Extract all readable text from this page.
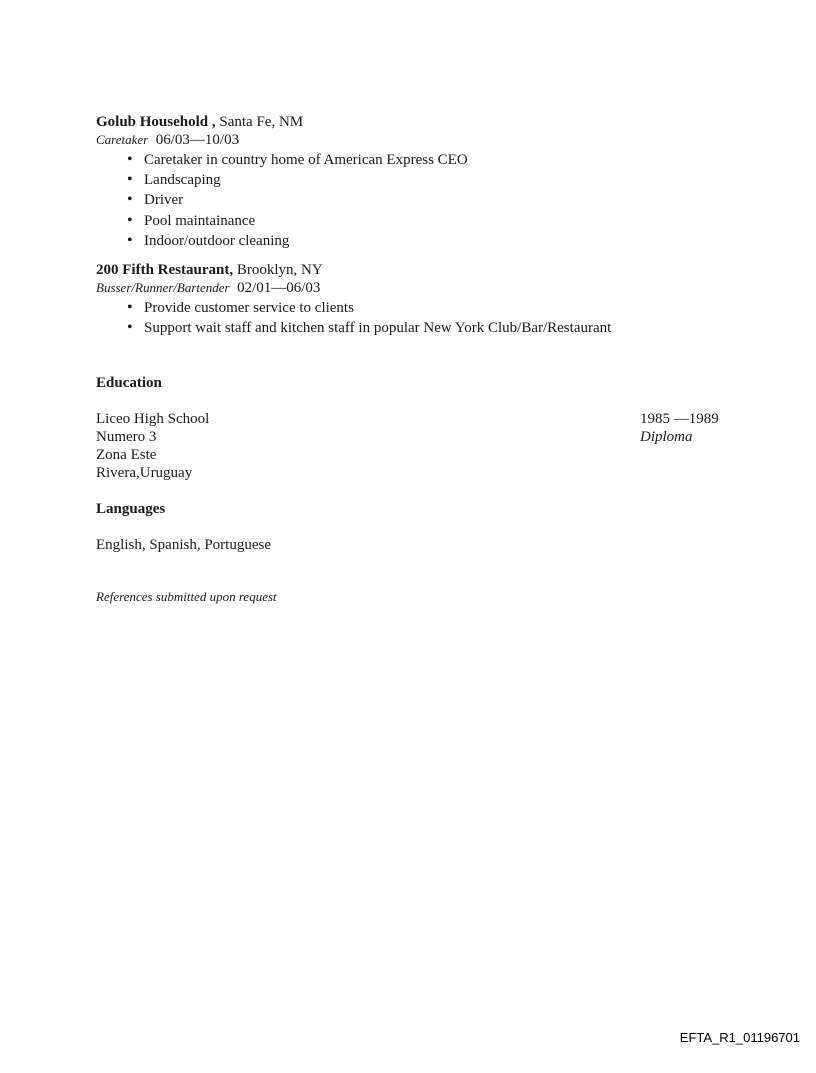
Golub Household , Santa Fe, NM
Caretaker 06/03—10/03
• Caretaker in country home of American Express CEO
• Landscaping
• Driver
• Pool maintainance
• Indoor/outdoor cleaning
200 Fifth Restaurant, Brooklyn, NY
Busser/Runner/Bartender 02/01—06/03
• Provide customer service to clients
• Support wait staff and kitchen staff in popular New York Club/Bar/Restaurant
Education
Liceo High School
Numero 3
Zona Este
Rivera,Uruguay
1985 —1989
Diploma
Languages
English, Spanish, Portuguese
References submitted upon request
EFTA_R1_01196701
